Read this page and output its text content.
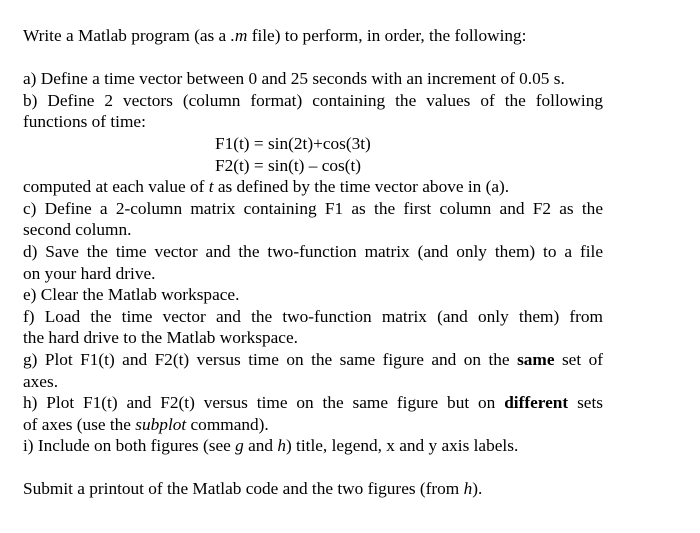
Write a Matlab program (as a .m file) to perform, in order, the following:

a) Define a time vector between 0 and 25 seconds with an increment of 0.05 s.

b) Define 2 vectors (column format) containing the values of the following

functions of time:

F1(t) = sin(2t)+cos(3t)

F2(t) = sin(t) – cos(t)

computed at each value of t as defined by the time vector above in (a).

c) Define a 2-column matrix containing F1 as the first column and F2 as the

second column.

d) Save the time vector and the two-function matrix (and only them) to a file

on your hard drive.

e) Clear the Matlab workspace.

f) Load the time vector and the two-function matrix (and only them) from

the hard drive to the Matlab workspace.

g) Plot F1(t) and F2(t) versus time on the same figure and on the same set of

axes.

h) Plot F1(t) and F2(t) versus time on the same figure but on different sets

of axes (use the subplot command).

i) Include on both figures (see g and h) title, legend, x and y axis labels.

Submit a printout of the Matlab code and the two figures (from h).
